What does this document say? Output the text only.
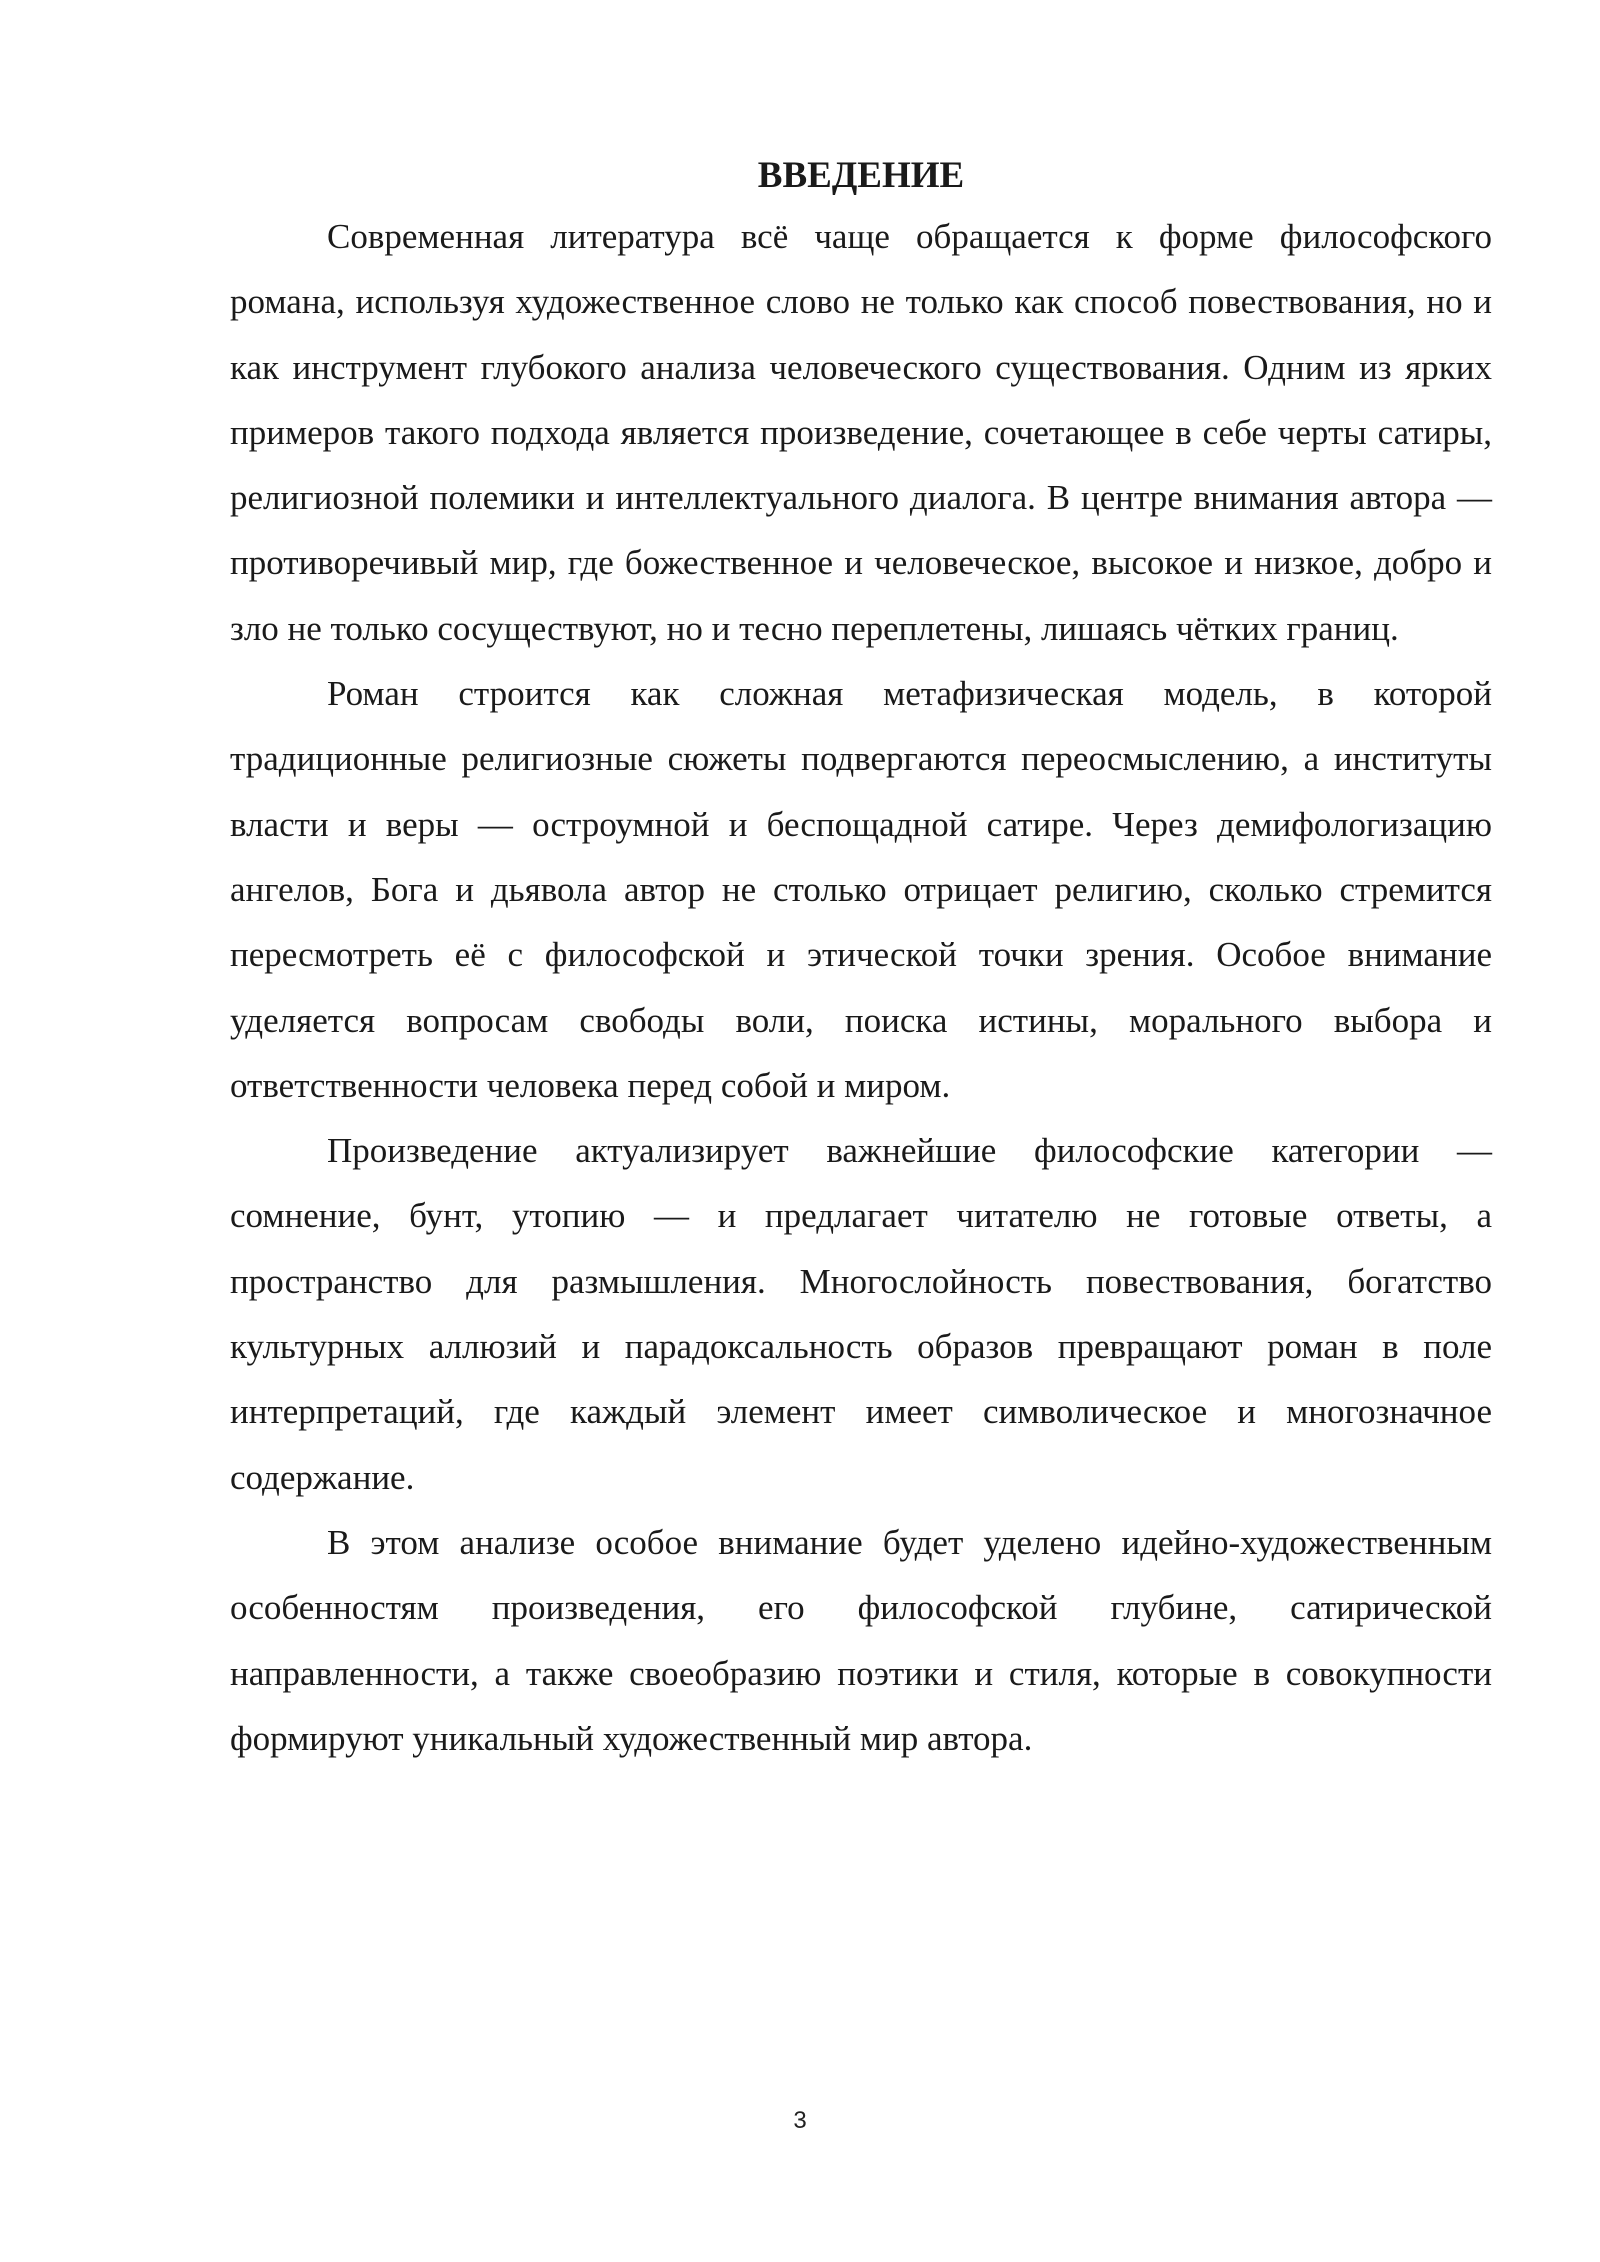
ВВЕДЕНИЕ

Современная литература всё чаще обращается к форме философского романа, используя художественное слово не только как способ повествования, но и как инструмент глубокого анализа человеческого существования. Одним из ярких примеров такого подхода является произведение, сочетающее в себе черты сатиры, религиозной полемики и интеллектуального диалога. В центре внимания автора — противоречивый мир, где божественное и человеческое, высокое и низкое, добро и зло не только сосуществуют, но и тесно переплетены, лишаясь чётких границ.

Роман строится как сложная метафизическая модель, в которой традиционные религиозные сюжеты подвергаются переосмыслению, а институты власти и веры — остроумной и беспощадной сатире. Через демифологизацию ангелов, Бога и дьявола автор не столько отрицает религию, сколько стремится пересмотреть её с философской и этической точки зрения. Особое внимание уделяется вопросам свободы воли, поиска истины, морального выбора и ответственности человека перед собой и миром.

Произведение актуализирует важнейшие философские категории — сомнение, бунт, утопию — и предлагает читателю не готовые ответы, а пространство для размышления. Многослойность повествования, богатство культурных аллюзий и парадоксальность образов превращают роман в поле интерпретаций, где каждый элемент имеет символическое и многозначное содержание.

В этом анализе особое внимание будет уделено идейно-художественным особенностям произведения, его философской глубине, сатирической направленности, а также своеобразию поэтики и стиля, которые в совокупности формируют уникальный художественный мир автора.

3
